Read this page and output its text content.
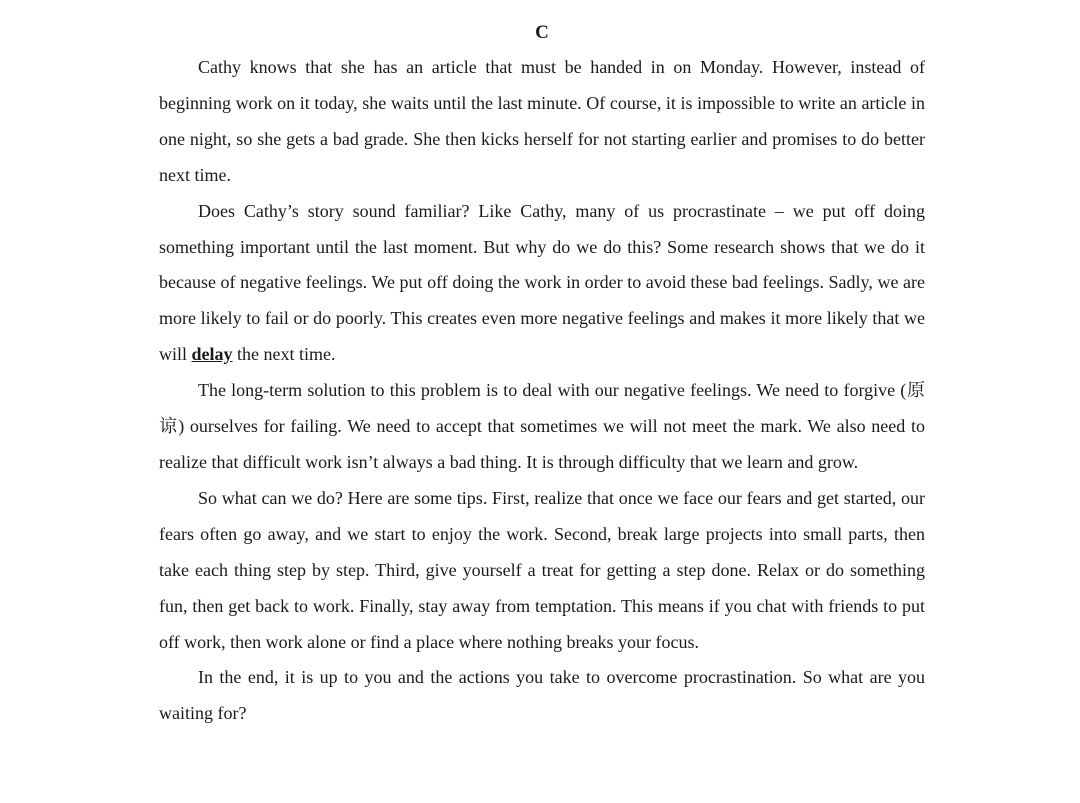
C

Cathy knows that she has an article that must be handed in on Monday. However, instead of beginning work on it today, she waits until the last minute. Of course, it is impossible to write an article in one night, so she gets a bad grade. She then kicks herself for not starting earlier and promises to do better next time.

Does Cathy’s story sound familiar? Like Cathy, many of us procrastinate – we put off doing something important until the last moment. But why do we do this? Some research shows that we do it because of negative feelings. We put off doing the work in order to avoid these bad feelings. Sadly, we are more likely to fail or do poorly. This creates even more negative feelings and makes it more likely that we will delay the next time.

The long-term solution to this problem is to deal with our negative feelings. We need to forgive (原谅) ourselves for failing. We need to accept that sometimes we will not meet the mark. We also need to realize that difficult work isn’t always a bad thing. It is through difficulty that we learn and grow.

So what can we do? Here are some tips. First, realize that once we face our fears and get started, our fears often go away, and we start to enjoy the work. Second, break large projects into small parts, then take each thing step by step. Third, give yourself a treat for getting a step done. Relax or do something fun, then get back to work. Finally, stay away from temptation. This means if you chat with friends to put off work, then work alone or find a place where nothing breaks your focus.

In the end, it is up to you and the actions you take to overcome procrastination. So what are you waiting for?
